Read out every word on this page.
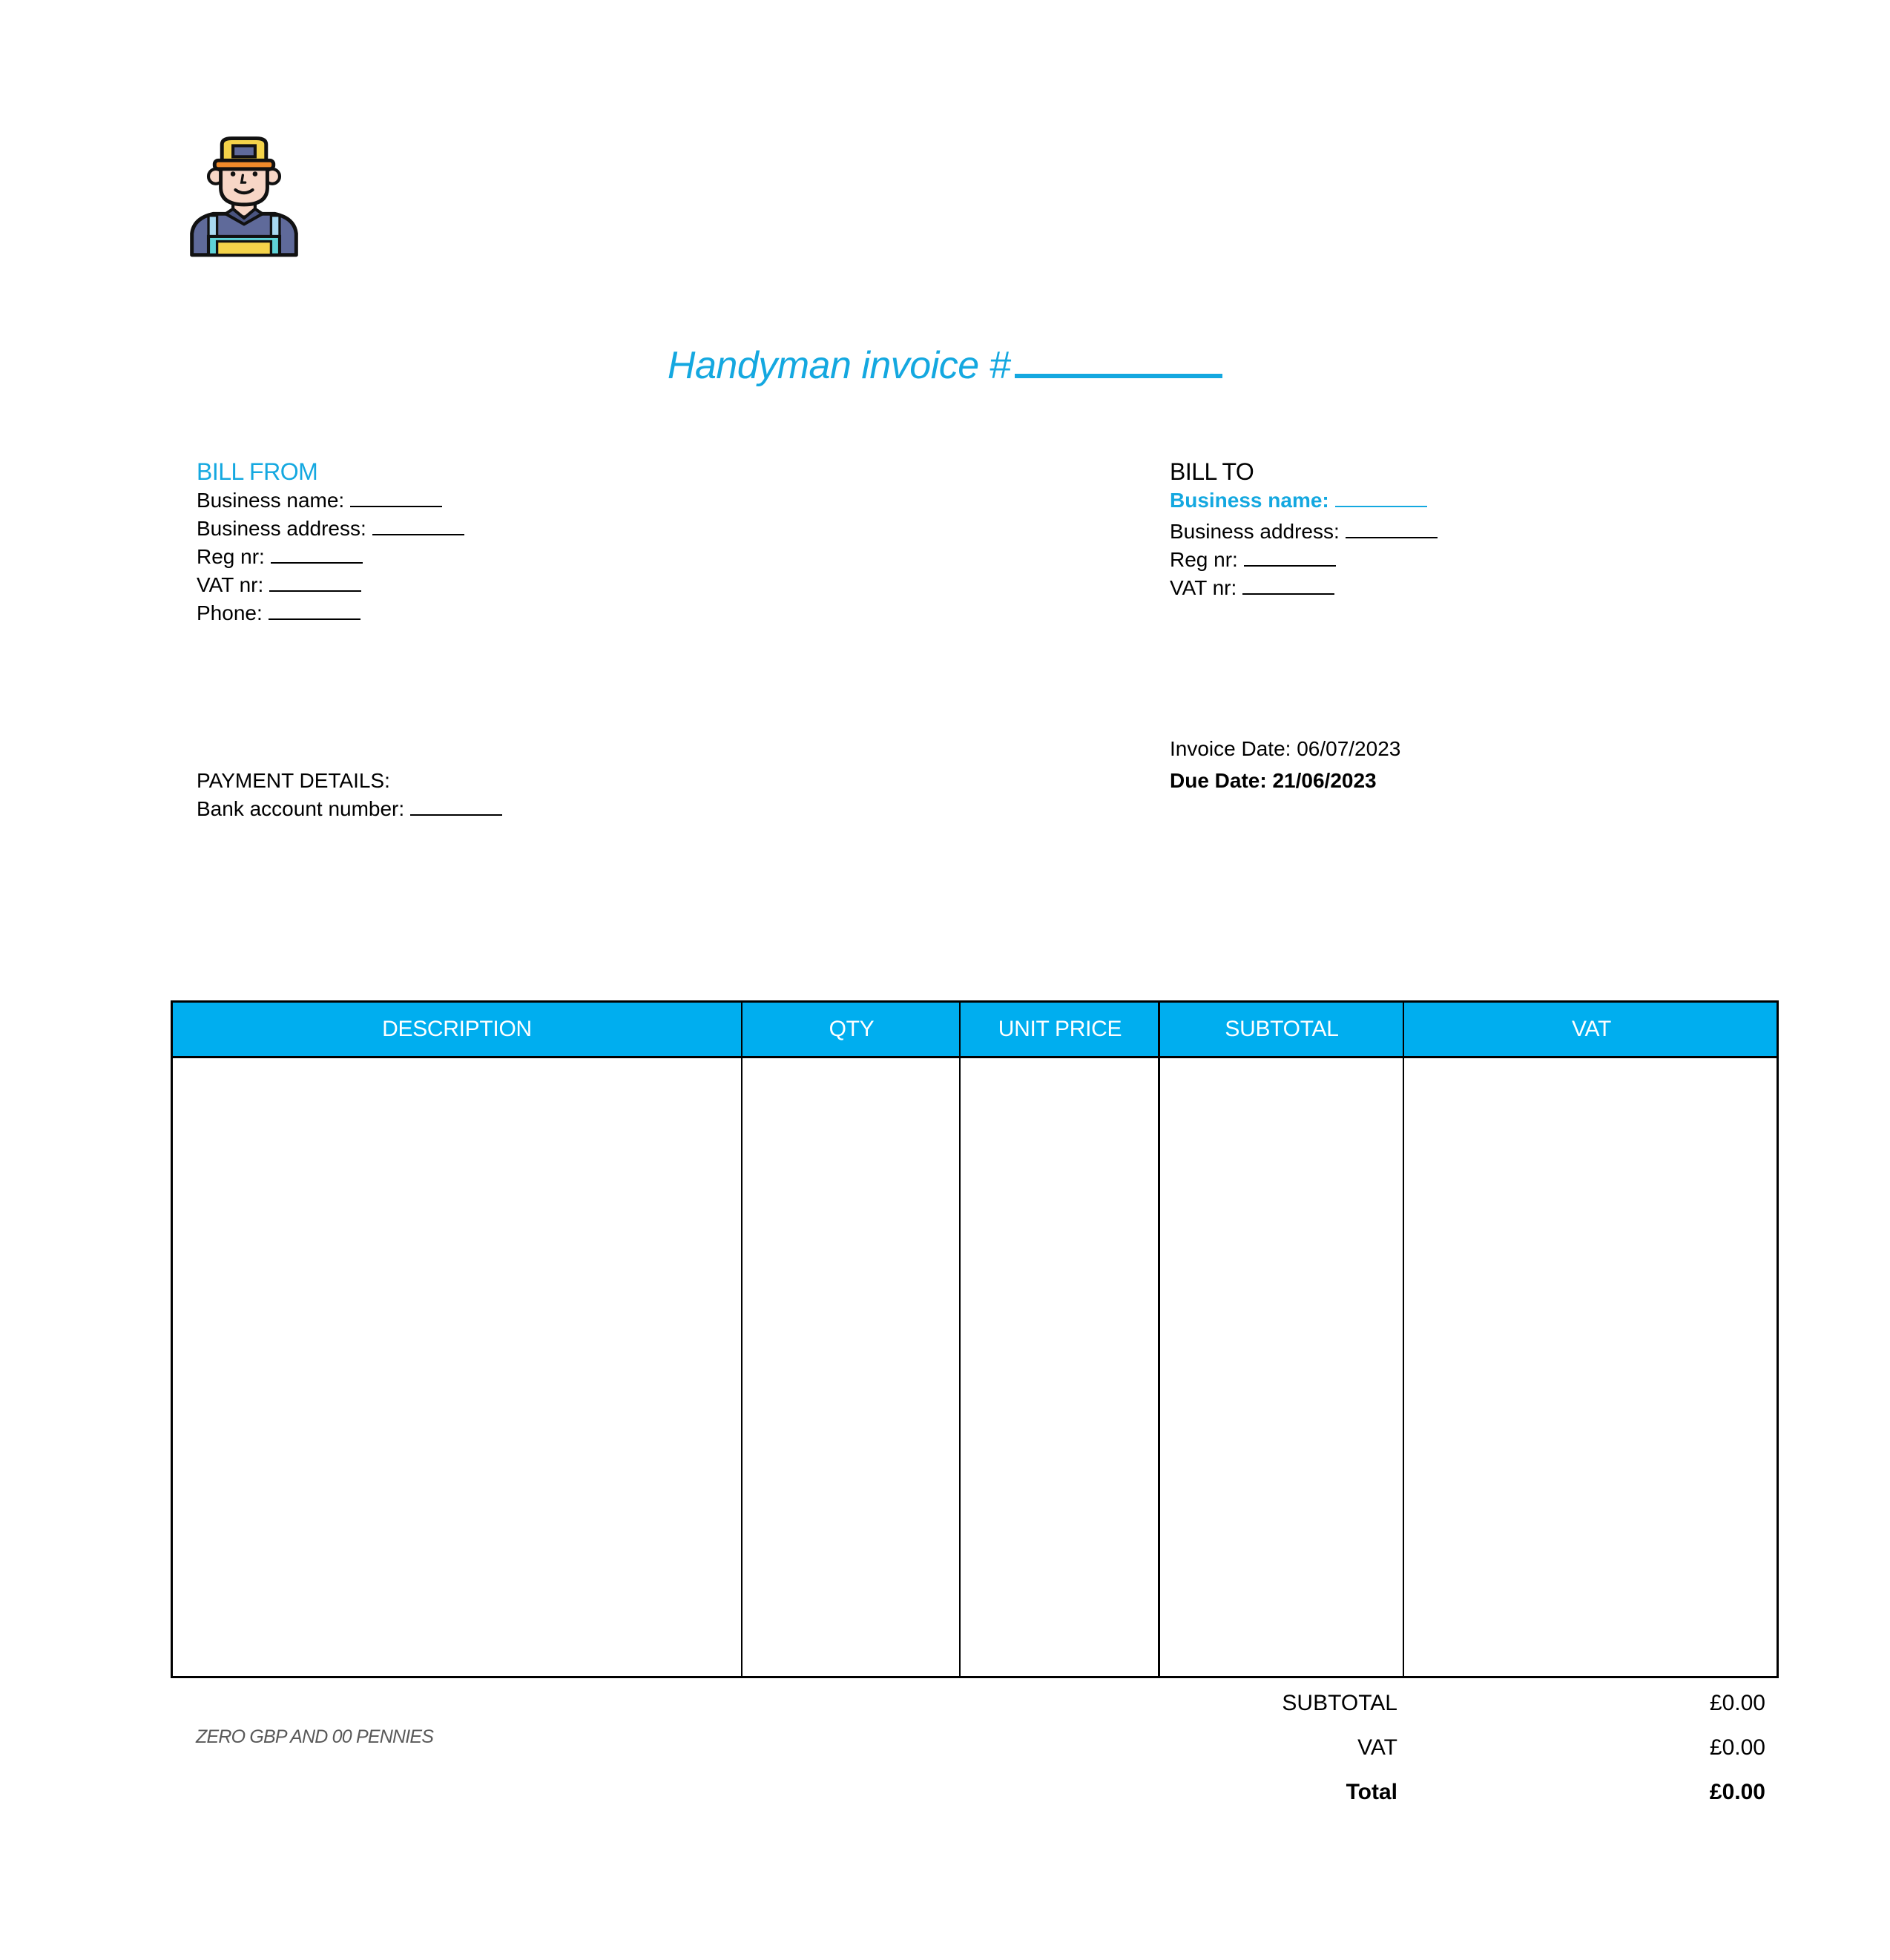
Handyman invoice #
BILL FROM
Business name:
Business address:
Reg nr:
VAT nr:
Phone:
BILL TO
Business name:
Business address:
Reg nr:
VAT nr:
PAYMENT DETAILS:
Bank account number:
Invoice Date: 06/07/2023
Due Date: 21/06/2023
DESCRIPTION	QTY	UNIT PRICE	SUBTOTAL	VAT
SUBTOTAL	£0.00
VAT	£0.00
Total	£0.00
ZERO GBP AND 00 PENNIES
